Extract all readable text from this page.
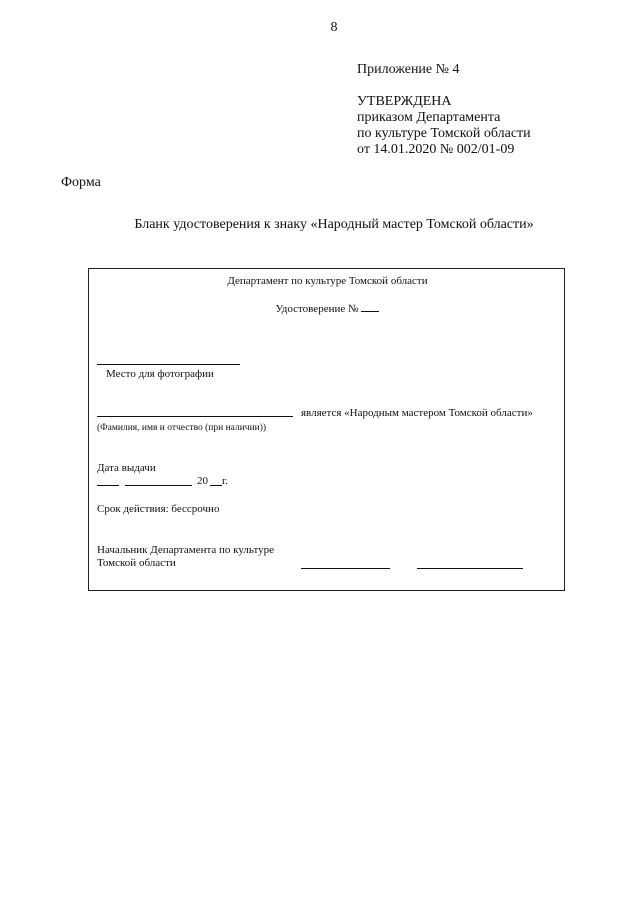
8
Приложение № 4
УТВЕРЖДЕНА
приказом Департамента
по культуре Томской области
от 14.01.2020 № 002/01-09
Форма
Бланк удостоверения к знаку «Народный мастер Томской области»
Департамент по культуре Томской области
Удостоверение №
Место для фотографии
является «Народным мастером Томской области»
(Фамилия, имя и отчество (при наличии))
Дата выдачи
20 г.
Срок действия: бессрочно
Начальник Департамента по культуре
Томской области
